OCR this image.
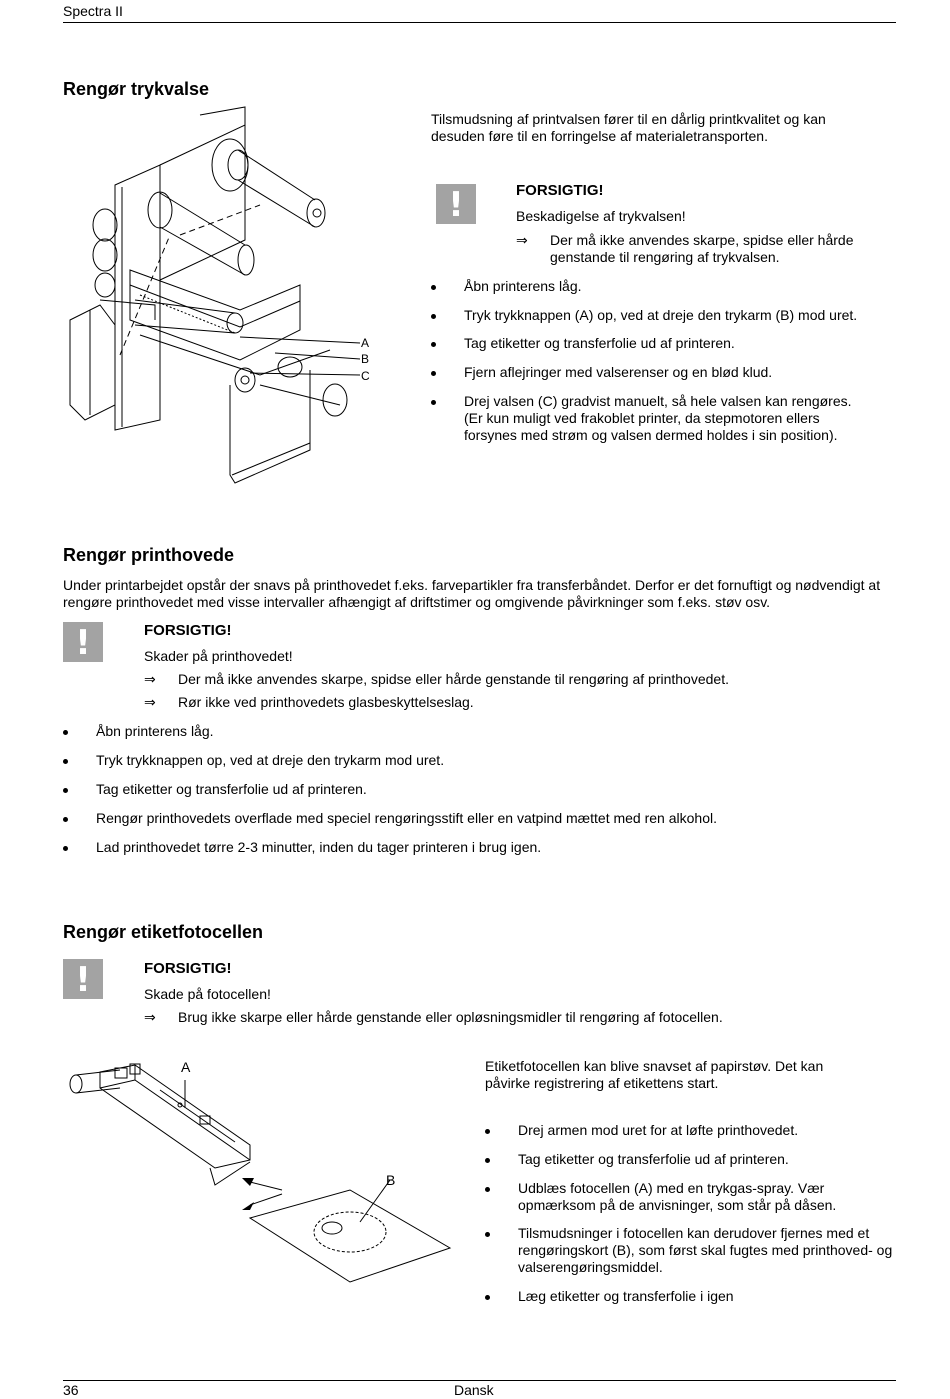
Spectra II
Rengør trykvalse
A
B
C
Tilsmudsning af printvalsen fører til en dårlig printkvalitet og kan desuden føre til en forringelse af materialetransporten.
!	FORSIGTIG!
Beskadigelse af trykvalsen!
⇒ Der må ikke anvendes skarpe, spidse eller hårde genstande til rengøring af trykvalsen.
Åbn printerens låg.
Tryk trykknappen (A) op, ved at dreje den trykarm (B) mod uret.
Tag etiketter og transferfolie ud af printeren.
Fjern aflejringer med valserenser og en blød klud.
Drej valsen (C) gradvist manuelt, så hele valsen kan rengøres. (Er kun muligt ved frakoblet printer, da stepmotoren ellers forsynes med strøm og valsen dermed holdes i sin position).
Rengør printhovede
Under printarbejdet opstår der snavs på printhovedet f.eks. farvepartikler fra transferbåndet. Derfor er det fornuftigt og nødvendigt at rengøre printhovedet med visse intervaller afhængigt af driftstimer og omgivende påvirkninger som f.eks. støv osv.
!	FORSIGTIG!
Skader på printhovedet!
⇒ Der må ikke anvendes skarpe, spidse eller hårde genstande til rengøring af printhovedet.
⇒ Rør ikke ved printhovedets glasbeskyttelseslag.
Åbn printerens låg.
Tryk trykknappen op, ved at dreje den trykarm mod uret.
Tag etiketter og transferfolie ud af printeren.
Rengør printhovedets overflade med speciel rengøringsstift eller en vatpind mættet med ren alkohol.
Lad printhovedet tørre 2-3 minutter, inden du tager printeren i brug igen.
Rengør etiketfotocellen
!	FORSIGTIG!
Skade på fotocellen!
⇒ Brug ikke skarpe eller hårde genstande eller opløsningsmidler til rengøring af fotocellen.
A
B
Etiketfotocellen kan blive snavset af papirstøv. Det kan påvirke registrering af etikettens start.
Drej armen mod uret for at løfte printhovedet.
Tag etiketter og transferfolie ud af printeren.
Udblæs fotocellen (A) med en trykgas-spray. Vær opmærksom på de anvisninger, som står på dåsen.
Tilsmudsninger i fotocellen kan derudover fjernes med et rengøringskort (B), som først skal fugtes med printhoved- og valserengøringsmiddel.
Læg etiketter og transferfolie i igen
36	Dansk
